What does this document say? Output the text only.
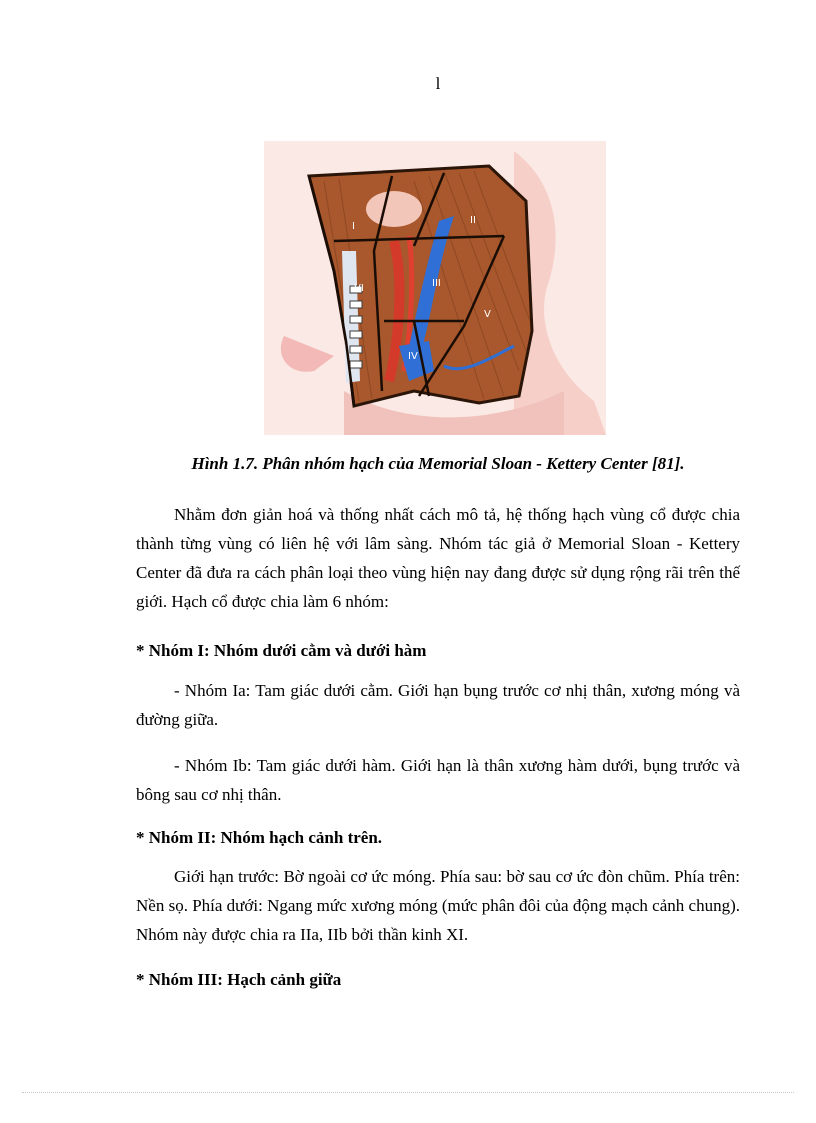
l
I
II
III
IV
V
VI
Hình 1.7. Phân nhóm hạch của Memorial Sloan - Kettery Center [81].

Nhằm đơn giản hoá và thống nhất cách mô tả, hệ thống hạch vùng cổ được chia thành từng vùng có liên hệ với lâm sàng. Nhóm tác giả ở Memorial Sloan - Kettery Center đã đưa ra cách phân loại theo vùng hiện nay đang được sử dụng rộng rãi trên thế giới. Hạch cổ được chia làm 6 nhóm:

* Nhóm I: Nhóm dưới cằm và dưới hàm

- Nhóm Ia: Tam giác dưới cằm. Giới hạn bụng trước cơ nhị thân, xương móng và đường giữa.

- Nhóm Ib: Tam giác dưới hàm. Giới hạn là thân xương hàm dưới, bụng trước và bông sau cơ nhị thân.

* Nhóm II: Nhóm hạch cảnh trên.

Giới hạn trước: Bờ ngoài cơ ức móng. Phía sau: bờ sau cơ ức đòn chũm. Phía trên: Nền sọ. Phía dưới: Ngang mức xương móng (mức phân đôi của động mạch cảnh chung). Nhóm này được chia ra IIa, IIb bởi thần kinh XI.

* Nhóm III: Hạch cảnh giữa
